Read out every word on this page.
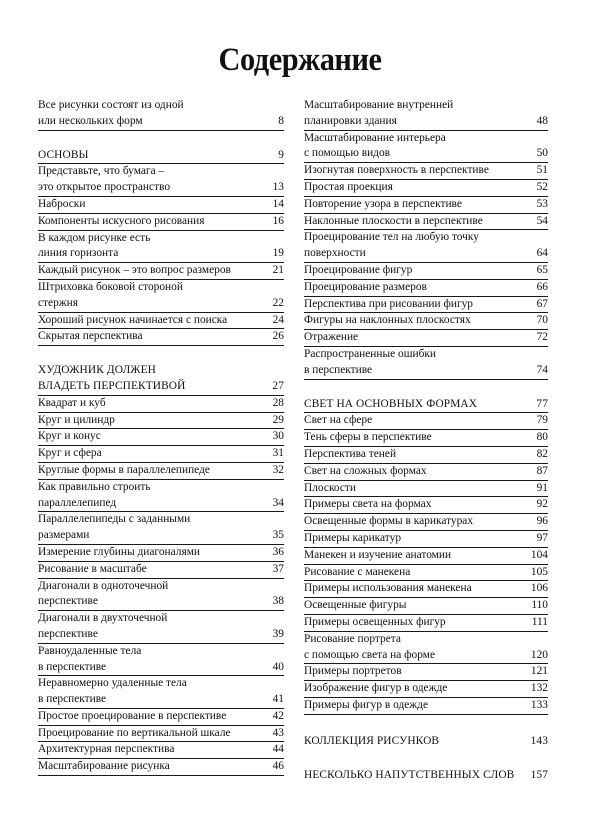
Содержание
Все рисунки состоят из одной
или нескольких форм	8
ОСНОВЫ	9
Представьте, что бумага –
это открытое пространство	13
Наброски	14
Компоненты искусного рисования	16
В каждом рисунке есть
линия горизонта	19
Каждый рисунок – это вопрос размеров	21
Штриховка боковой стороной
стержня	22
Хороший рисунок начинается с поиска	24
Скрытая перспектива	26
ХУДОЖНИК ДОЛЖЕН
ВЛАДЕТЬ ПЕРСПЕКТИВОЙ	27
Квадрат и куб	28
Круг и цилиндр	29
Круг и конус	30
Круг и сфера	31
Круглые формы в параллелепипеде	32
Как правильно строить
параллелепипед	34
Параллелепипеды с заданными
размерами	35
Измерение глубины диагоналями	36
Рисование в масштабе	37
Диагонали в одноточечной
перспективе	38
Диагонали в двухточечной
перспективе	39
Равноудаленные тела
в перспективе	40
Неравномерно удаленные тела
в перспективе	41
Простое проецирование в перспективе	42
Проецирование по вертикальной шкале	43
Архитектурная перспектива	44
Масштабирование рисунка	46
Масштабирование внутренней
планировки здания	48
Масштабирование интерьера
с помощью видов	50
Изогнутая поверхность в перспективе	51
Простая проекция	52
Повторение узора в перспективе	53
Наклонные плоскости в перспективе	54
Проецирование тел на любую точку
поверхности	64
Проецирование фигур	65
Проецирование размеров	66
Перспектива при рисовании фигур	67
Фигуры на наклонных плоскостях	70
Отражение	72
Распространенные ошибки
в перспективе	74
СВЕТ НА ОСНОВНЫХ ФОРМАХ	77
Свет на сфере	79
Тень сферы в перспективе	80
Перспектива теней	82
Свет на сложных формах	87
Плоскости	91
Примеры света на формах	92
Освещенные формы в карикатурах	96
Примеры карикатур	97
Манекен и изучение анатомии	104
Рисование с манекена	105
Примеры использования манекена	106
Освещенные фигуры	110
Примеры освещенных фигур	111
Рисование портрета
с помощью света на форме	120
Примеры портретов	121
Изображение фигур в одежде	132
Примеры фигур в одежде	133
КОЛЛЕКЦИЯ РИСУНКОВ	143
НЕСКОЛЬКО НАПУТСТВЕННЫХ СЛОВ	157
